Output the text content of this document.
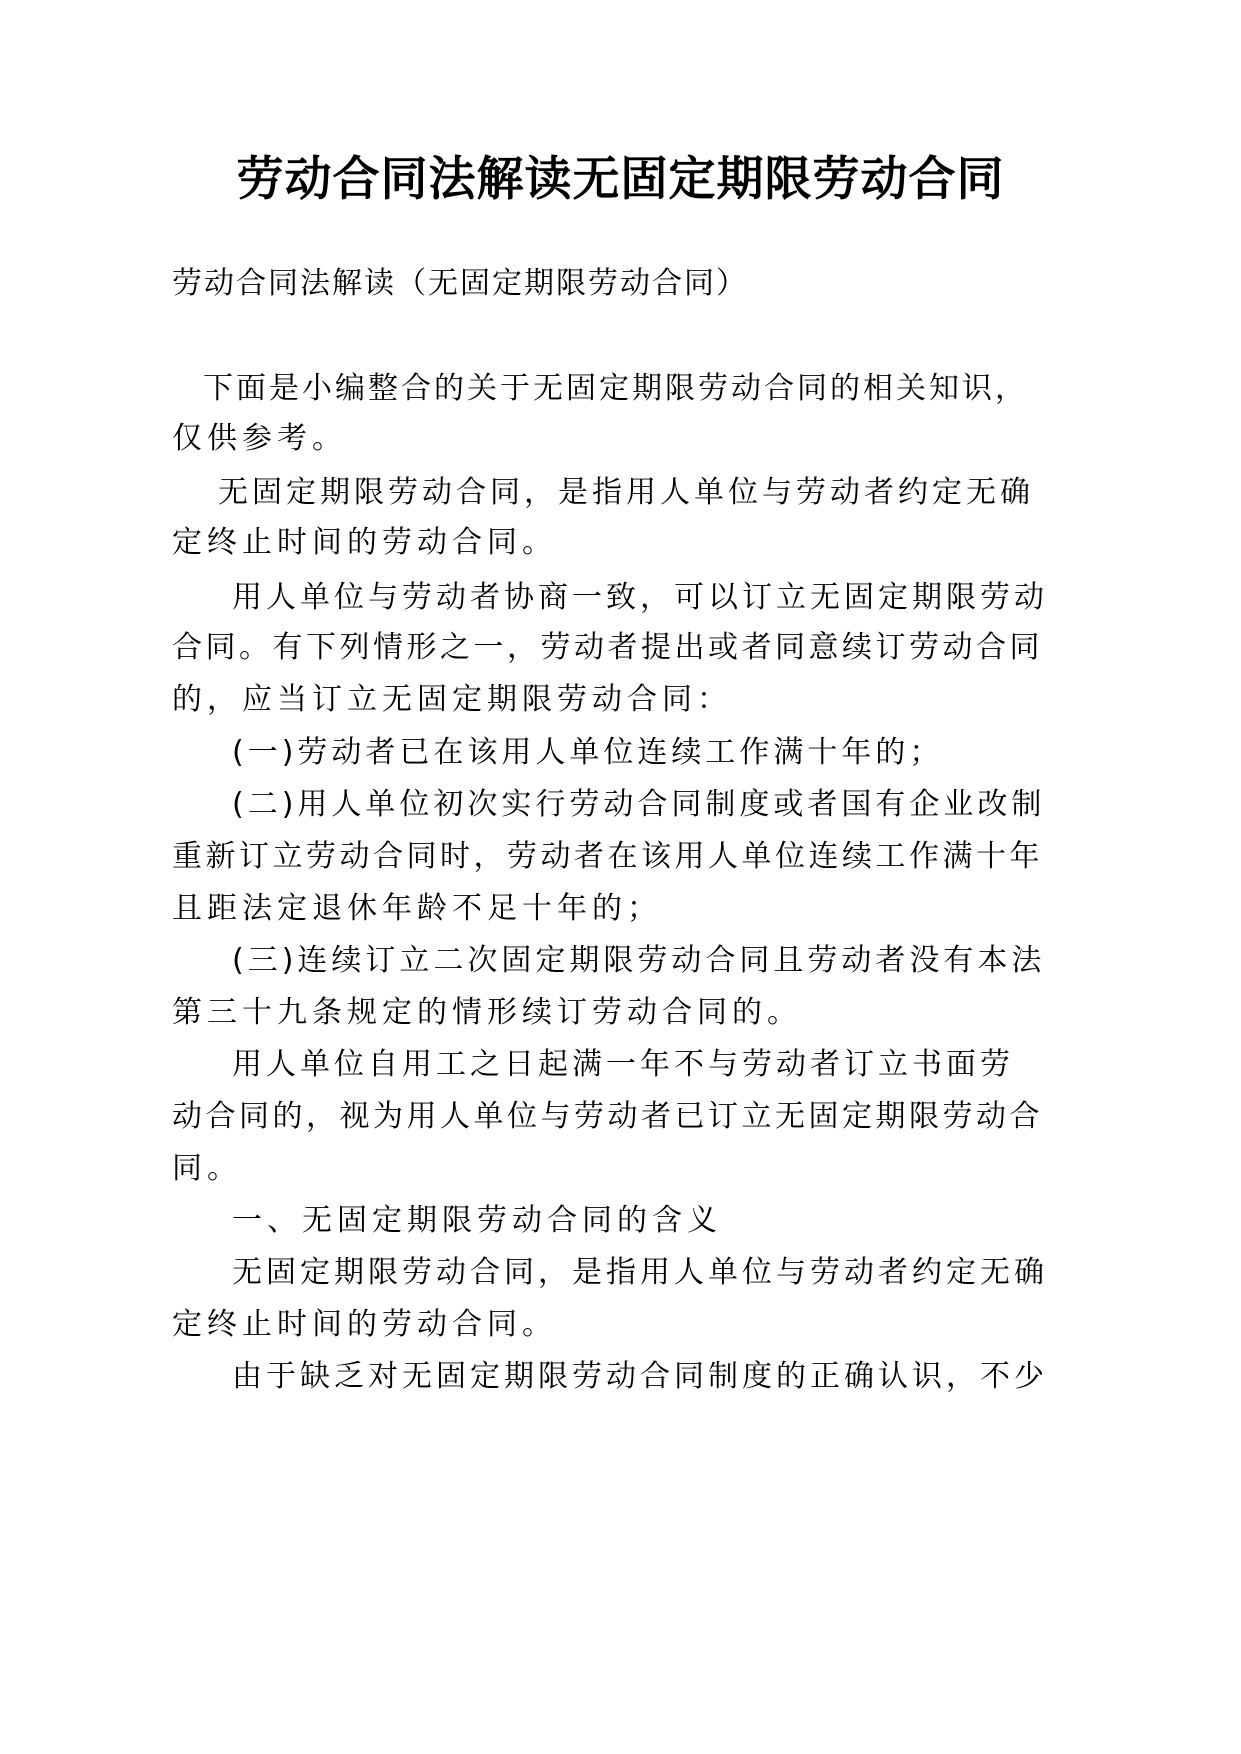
劳动合同法解读无固定期限劳动合同
劳动合同法解读（无固定期限劳动合同）
下面是小编整合的关于无固定期限劳动合同的相关知识，
仅供参考。
无固定期限劳动合同，是指用人单位与劳动者约定无确
定终止时间的劳动合同。
用人单位与劳动者协商一致，可以订立无固定期限劳动
合同。有下列情形之一，劳动者提出或者同意续订劳动合同
的，应当订立无固定期限劳动合同：
(一)劳动者已在该用人单位连续工作满十年的；
(二)用人单位初次实行劳动合同制度或者国有企业改制
重新订立劳动合同时，劳动者在该用人单位连续工作满十年
且距法定退休年龄不足十年的；
(三)连续订立二次固定期限劳动合同且劳动者没有本法
第三十九条规定的情形续订劳动合同的。
用人单位自用工之日起满一年不与劳动者订立书面劳
动合同的，视为用人单位与劳动者已订立无固定期限劳动合
同。
一、无固定期限劳动合同的含义
无固定期限劳动合同，是指用人单位与劳动者约定无确
定终止时间的劳动合同。
由于缺乏对无固定期限劳动合同制度的正确认识，不少
